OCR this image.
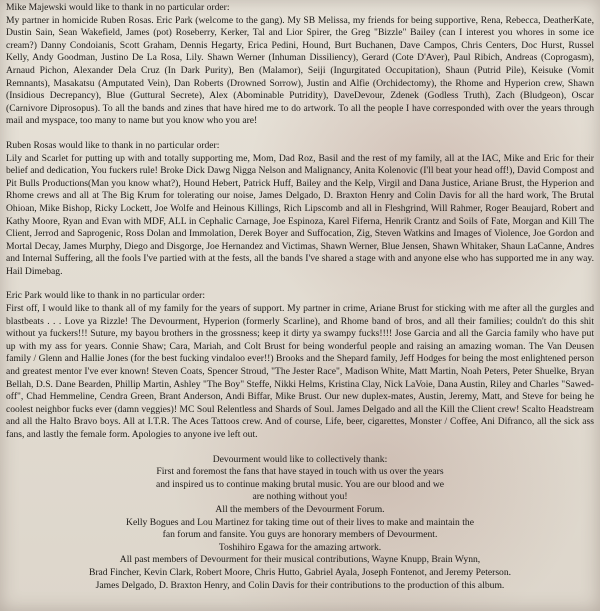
Mike Majewski would like to thank in no particular order:

My partner in homicide Ruben Rosas. Eric Park (welcome to the gang). My SB Melissa, my friends for being supportive, Rena, Rebecca, DeatherKate, Dustin Sain, Sean Wakefield, James (pot) Roseberry, Kerker, Tal and Lior Spirer, the Greg "Bizzle" Bailey (can I interest you whores in some ice cream?) Danny Condoianis, Scott Graham, Dennis Hegarty, Erica Pedini, Hound, Burt Buchanen, Dave Campos, Chris Centers, Doc Hurst, Russel Kelly, Andy Goodman, Justino De La Rosa, Lily. Shawn Werner (Inhuman Dissiliency), Gerard (Cote D'Aver), Paul Ribich, Andreas (Coprogasm), Arnaud Pichon, Alexander Dela Cruz (In Dark Purity), Ben (Malamor), Seiji (Ingurgitated Occupitation), Shaun (Putrid Pile), Keisuke (Vomit Remnants), Masakatsu (Amputated Vein), Dan Roberts (Drowned Sorrow), Justin and Alfie (Orchidectomy), the Rhome and Hyperion crew, Shawn (Insidious Decrepancy), Blue (Guttural Secrete), Alex (Abominable Putridity), DaveDevour, Zdenek (Godless Truth), Zach (Bludgeon), Oscar (Carnivore Diprosopus). To all the bands and zines that have hired me to do artwork. To all the people I have corresponded with over the years through mail and myspace, too many to name but you know who you are!

Ruben Rosas would like to thank in no particular order:

Lily and Scarlet for putting up with and totally supporting me, Mom, Dad Roz, Basil and the rest of my family, all at the IAC, Mike and Eric for their belief and dedication, You fuckers rule! Broke Dick Dawg Nigga Nelson and Malignancy, Anita Kolenovic (I'll beat your head off!), David Compost and Pit Bulls Productions(Man you know what?), Hound Hebert, Patrick Huff, Bailey and the Kelp, Virgil and Dana Justice, Ariane Brust, the Hyperion and Rhome crews and all at The Big Krum for tolerating our noise, James Delgado, D. Braxton Henry and Colin Davis for all the hard work, The Brutal Ohioan, Mike Bishop, Ricky Lockett, Joe Wolfe and Heinous Killings, Rich Lipscomb and all in Fleshgrind, Will Rahmer, Roger Beaujard, Robert and Kathy Moore, Ryan and Evan with MDF, ALL in Cephalic Carnage, Joe Espinoza, Karel Fiferna, Henrik Crantz and Soils of Fate, Morgan and Kill The Client, Jerrod and Saprogenic, Ross Dolan and Immolation, Derek Boyer and Suffocation, Zig, Steven Watkins and Images of Violence, Joe Gordon and Mortal Decay, James Murphy, Diego and Disgorge, Joe Hernandez and Victimas, Shawn Werner, Blue Jensen, Shawn Whitaker, Shaun LaCanne, Andres and Internal Suffering, all the fools I've partied with at the fests, all the bands I've shared a stage with and anyone else who has supported me in any way. Hail Dimebag.

Eric Park would like to thank in no particular order:

First off, I would like to thank all of my family for the years of support. My partner in crime, Ariane Brust for sticking with me after all the gurgles and blastbeats . . . Love ya Rizzle! The Devourment, Hyperion (formerly Scarline), and Rhome band of bros, and all their families; couldn't do this shit without ya fuckers!!! Suture, my bayou brothers in the grossness; keep it dirty ya swampy fucks!!!! Jose Garcia and all the Garcia family who have put up with my ass for years. Connie Shaw; Cara, Mariah, and Colt Brust for being wonderful people and raising an amazing woman. The Van Deusen family / Glenn and Hallie Jones (for the best fucking vindaloo ever!!) Brooks and the Shepard family, Jeff Hodges for being the most enlightened person and greatest mentor I've ever known! Steven Coats, Spencer Stroud, "The Jester Race", Madison White, Matt Martin, Noah Peters, Peter Shuelke, Bryan Bellah, D.S. Dane Bearden, Phillip Martin, Ashley "The Boy" Steffe, Nikki Helms, Kristina Clay, Nick LaVoie, Dana Austin, Riley and Charles "Sawed-off", Chad Hemmeline, Cendra Green, Brant Anderson, Andi Biffar, Mike Brust. Our new duplex-mates, Austin, Jeremy, Matt, and Steve for being he coolest neighbor fucks ever (damn veggies)! MC Soul Relentless and Shards of Soul. James Delgado and all the Kill the Client crew! Scalto Headstream and all the Halto Bravo boys. All at I.T.R. The Aces Tattoos crew. And of course, Life, beer, cigarettes, Monster / Coffee, Ani Difranco, all the sick ass fans, and lastly the female form. Apologies to anyone ive left out.

Devourment would like to collectively thank:

First and foremost the fans that have stayed in touch with us over the years

and inspired us to continue making brutal music. You are our blood and we

are nothing without you!

All the members of the Devourment Forum.

Kelly Bogues and Lou Martinez for taking time out of their lives to make and maintain the

fan forum and fansite. You guys are honorary members of Devourment.

Toshihiro Egawa for the amazing artwork.

All past members of Devourment for their musical contributions, Wayne Knupp, Brain Wynn,

Brad Fincher, Kevin Clark, Robert Moore, Chris Hutto, Gabriel Ayala, Joseph Fontenot, and Jeremy Peterson.

James Delgado, D. Braxton Henry, and Colin Davis for their contributions to the production of this album.
